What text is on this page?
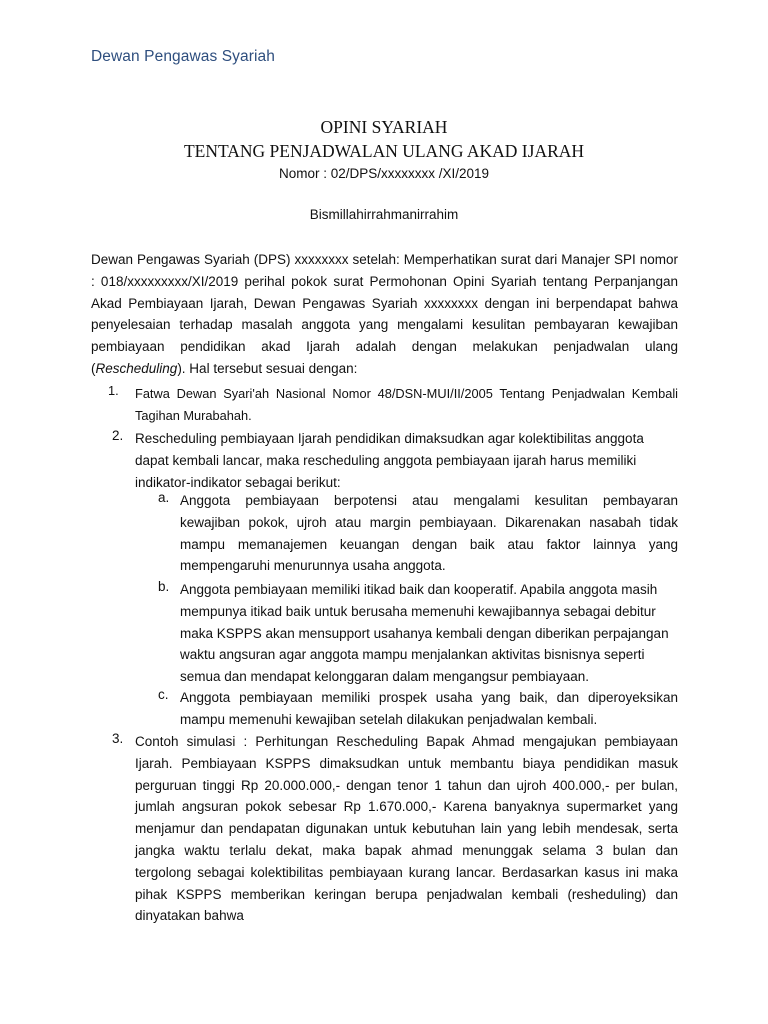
Dewan Pengawas Syariah
OPINI SYARIAH
TENTANG PENJADWALAN ULANG AKAD IJARAH
Nomor : 02/DPS/xxxxxxxx /XI/2019
Bismillahirrahmanirrahim
Dewan Pengawas Syariah (DPS) xxxxxxxx setelah: Memperhatikan surat dari Manajer SPI nomor
: 018/xxxxxxxxx/XI/2019 perihal pokok surat Permohonan Opini Syariah tentang Perpanjangan
Akad Pembiayaan Ijarah, Dewan Pengawas Syariah xxxxxxxx dengan ini berpendapat bahwa
penyelesaian terhadap masalah anggota yang mengalami kesulitan pembayaran kewajiban
pembiayaan pendidikan akad Ijarah adalah dengan melakukan penjadwalan ulang
(Rescheduling). Hal tersebut sesuai dengan:
1. Fatwa Dewan Syari'ah Nasional Nomor 48/DSN-MUI/II/2005 Tentang Penjadwalan Kembali
Tagihan Murabahah.
2. Rescheduling pembiayaan Ijarah pendidikan dimaksudkan agar kolektibilitas anggota
dapat kembali lancar, maka rescheduling anggota pembiayaan ijarah harus memiliki
indikator-indikator sebagai berikut:
a. Anggota pembiayaan berpotensi atau mengalami kesulitan pembayaran
kewajiban pokok, ujroh atau margin pembiayaan. Dikarenakan nasabah tidak
mampu memanajemen keuangan dengan baik atau faktor lainnya yang
mempengaruhi menurunnya usaha anggota.
b. Anggota pembiayaan memiliki itikad baik dan kooperatif. Apabila anggota masih
mempunya itikad baik untuk berusaha memenuhi kewajibannya sebagai debitur
maka KSPPS akan mensupport usahanya kembali dengan diberikan perpajangan
waktu angsuran agar anggota mampu menjalankan aktivitas bisnisnya seperti
semua dan mendapat kelonggaran dalam mengangsur pembiayaan.
c. Anggota pembiayaan memiliki prospek usaha yang baik, dan diperoyeksikan
mampu memenuhi kewajiban setelah dilakukan penjadwalan kembali.
3. Contoh simulasi : Perhitungan Rescheduling Bapak Ahmad mengajukan pembiayaan
Ijarah. Pembiayaan KSPPS dimaksudkan untuk membantu biaya pendidikan masuk
perguruan tinggi Rp 20.000.000,- dengan tenor 1 tahun dan ujroh 400.000,- per bulan,
jumlah angsuran pokok sebesar Rp 1.670.000,- Karena banyaknya supermarket yang
menjamur dan pendapatan digunakan untuk kebutuhan lain yang lebih mendesak, serta
jangka waktu terlalu dekat, maka bapak ahmad menunggak selama 3 bulan dan
tergolong sebagai kolektibilitas pembiayaan kurang lancar. Berdasarkan kasus ini maka
pihak KSPPS memberikan keringan berupa penjadwalan kembali (resheduling) dan
dinyatakan bahwa
